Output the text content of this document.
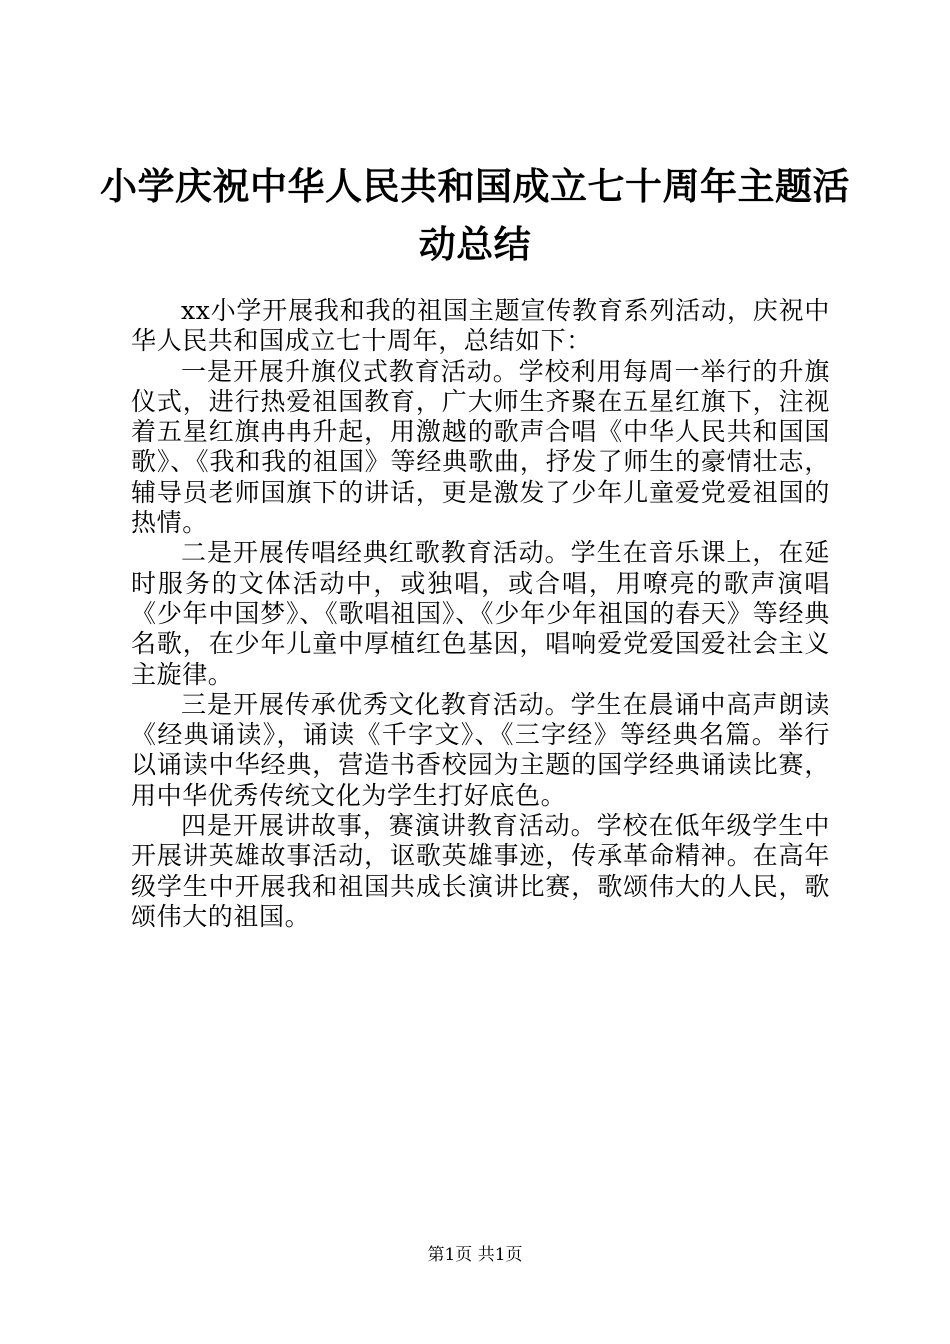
小学庆祝中华人民共和国成立七十周年主题活
动总结

xx小学开展我和我的祖国主题宣传教育系列活动，庆祝中华人民共和国成立七十周年，总结如下：

一是开展升旗仪式教育活动。学校利用每周一举行的升旗仪式，进行热爱祖国教育，广大师生齐聚在五星红旗下，注视着五星红旗冉冉升起，用激越的歌声合唱《中华人民共和国国歌》、《我和我的祖国》等经典歌曲，抒发了师生的豪情壮志，辅导员老师国旗下的讲话，更是激发了少年儿童爱党爱祖国的热情。

二是开展传唱经典红歌教育活动。学生在音乐课上，在延时服务的文体活动中，或独唱，或合唱，用嘹亮的歌声演唱《少年中国梦》、《歌唱祖国》、《少年少年祖国的春天》等经典名歌，在少年儿童中厚植红色基因，唱响爱党爱国爱社会主义主旋律。

三是开展传承优秀文化教育活动。学生在晨诵中高声朗读《经典诵读》，诵读《千字文》、《三字经》等经典名篇。举行以诵读中华经典，营造书香校园为主题的国学经典诵读比赛，用中华优秀传统文化为学生打好底色。

四是开展讲故事，赛演讲教育活动。学校在低年级学生中开展讲英雄故事活动，讴歌英雄事迹，传承革命精神。在高年级学生中开展我和祖国共成长演讲比赛，歌颂伟大的人民，歌颂伟大的祖国。

第1页 共1页
